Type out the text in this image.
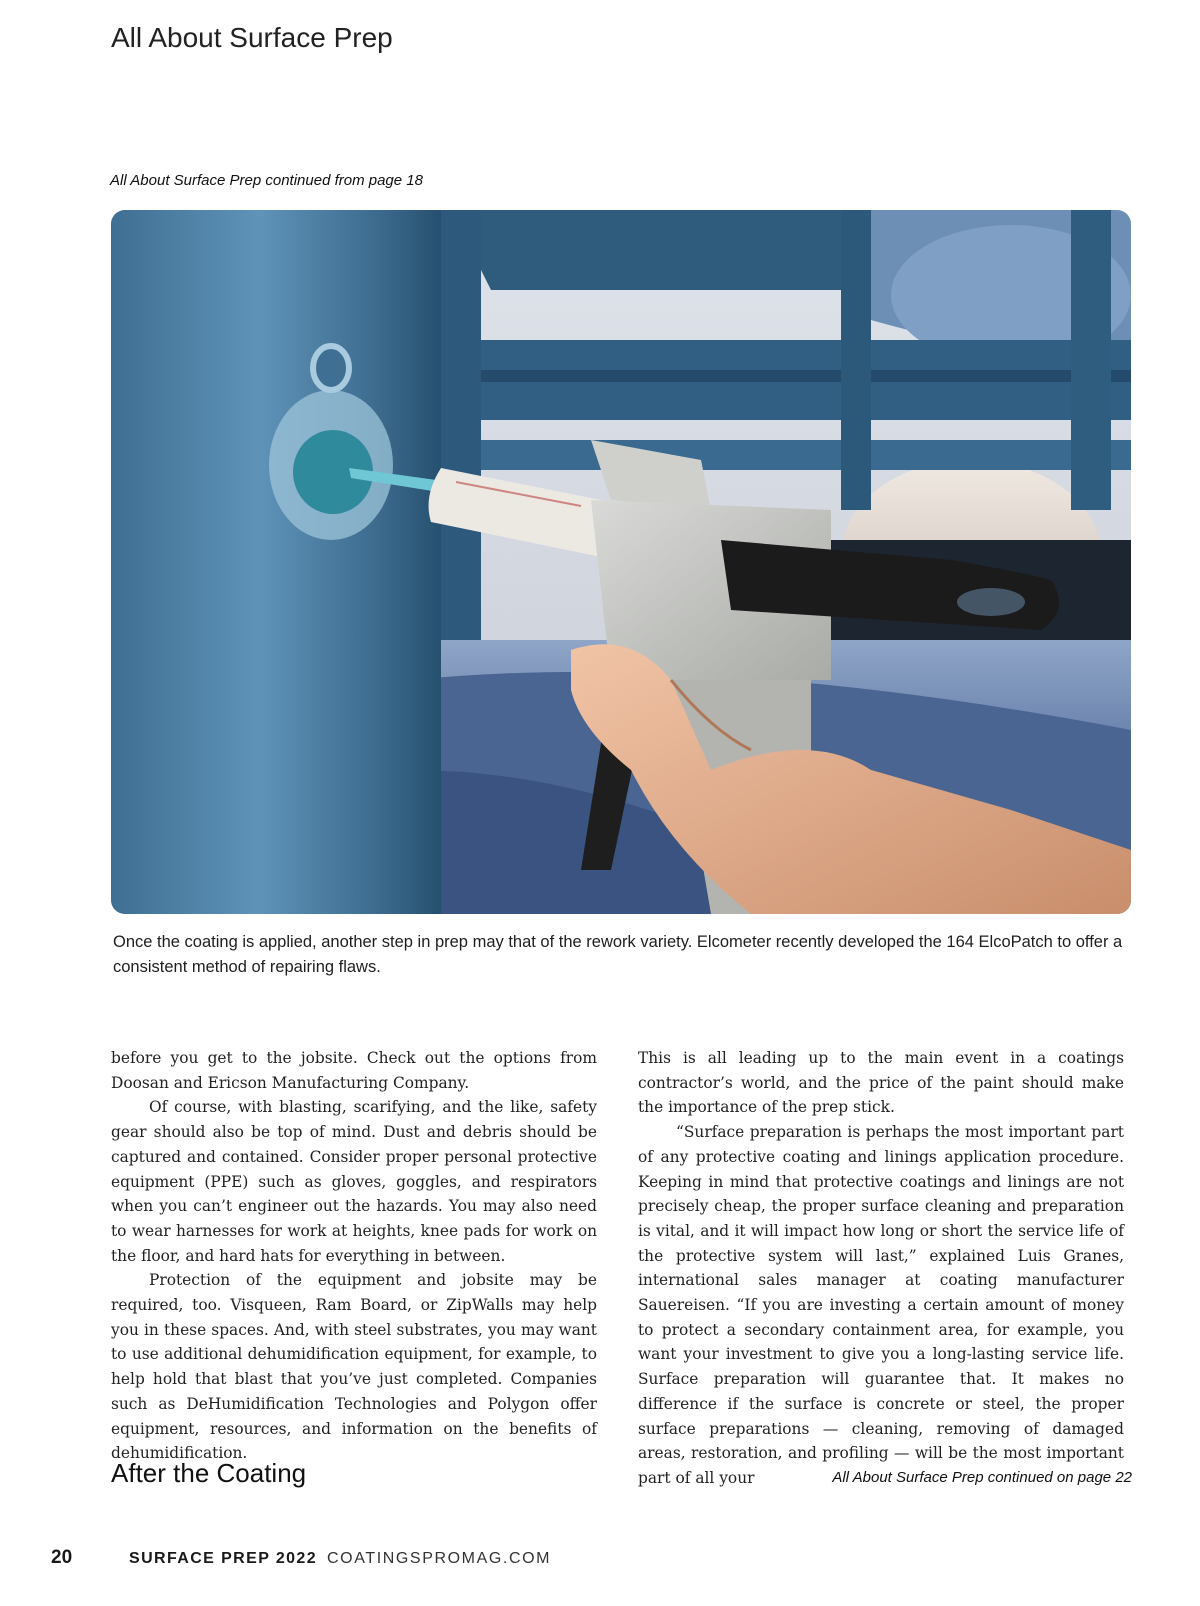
All About Surface Prep
All About Surface Prep continued from page 18
Once the coating is applied, another step in prep may that of the rework variety. Elcometer recently developed the 164 ElcoPatch to offer a consistent method of repairing flaws.

before you get to the jobsite. Check out the options from Doosan and Ericson Manufacturing Company.

Of course, with blasting, scarifying, and the like, safety gear should also be top of mind. Dust and debris should be captured and contained. Consider proper personal protective equipment (PPE) such as gloves, goggles, and respirators when you can’t engineer out the hazards. You may also need to wear harnesses for work at heights, knee pads for work on the floor, and hard hats for everything in between.

Protection of the equipment and jobsite may be required, too. Visqueen, Ram Board, or ZipWalls may help you in these spaces. And, with steel substrates, you may want to use additional dehumidification equipment, for example, to help hold that blast that you’ve just completed. Companies such as DeHumidification Technologies and Polygon offer equipment, resources, and information on the benefits of dehumidification.

After the Coating

This is all leading up to the main event in a coatings contractor’s world, and the price of the paint should make the importance of the prep stick.

“Surface preparation is perhaps the most important part of any protective coating and linings application procedure. Keeping in mind that protective coatings and linings are not precisely cheap, the proper surface cleaning and preparation is vital, and it will impact how long or short the service life of the protective system will last,” explained Luis Granes, international sales manager at coating manufacturer Sauereisen. “If you are investing a certain amount of money to protect a secondary containment area, for example, you want your investment to give you a long-lasting service life. Surface preparation will guarantee that. It makes no difference if the surface is concrete or steel, the proper surface preparations — cleaning, removing of damaged areas, restoration, and profiling — will be the most important part of all your	All About Surface Prep continued on page 22
20	SURFACE PREP 2022 COATINGSPROMAG.COM
